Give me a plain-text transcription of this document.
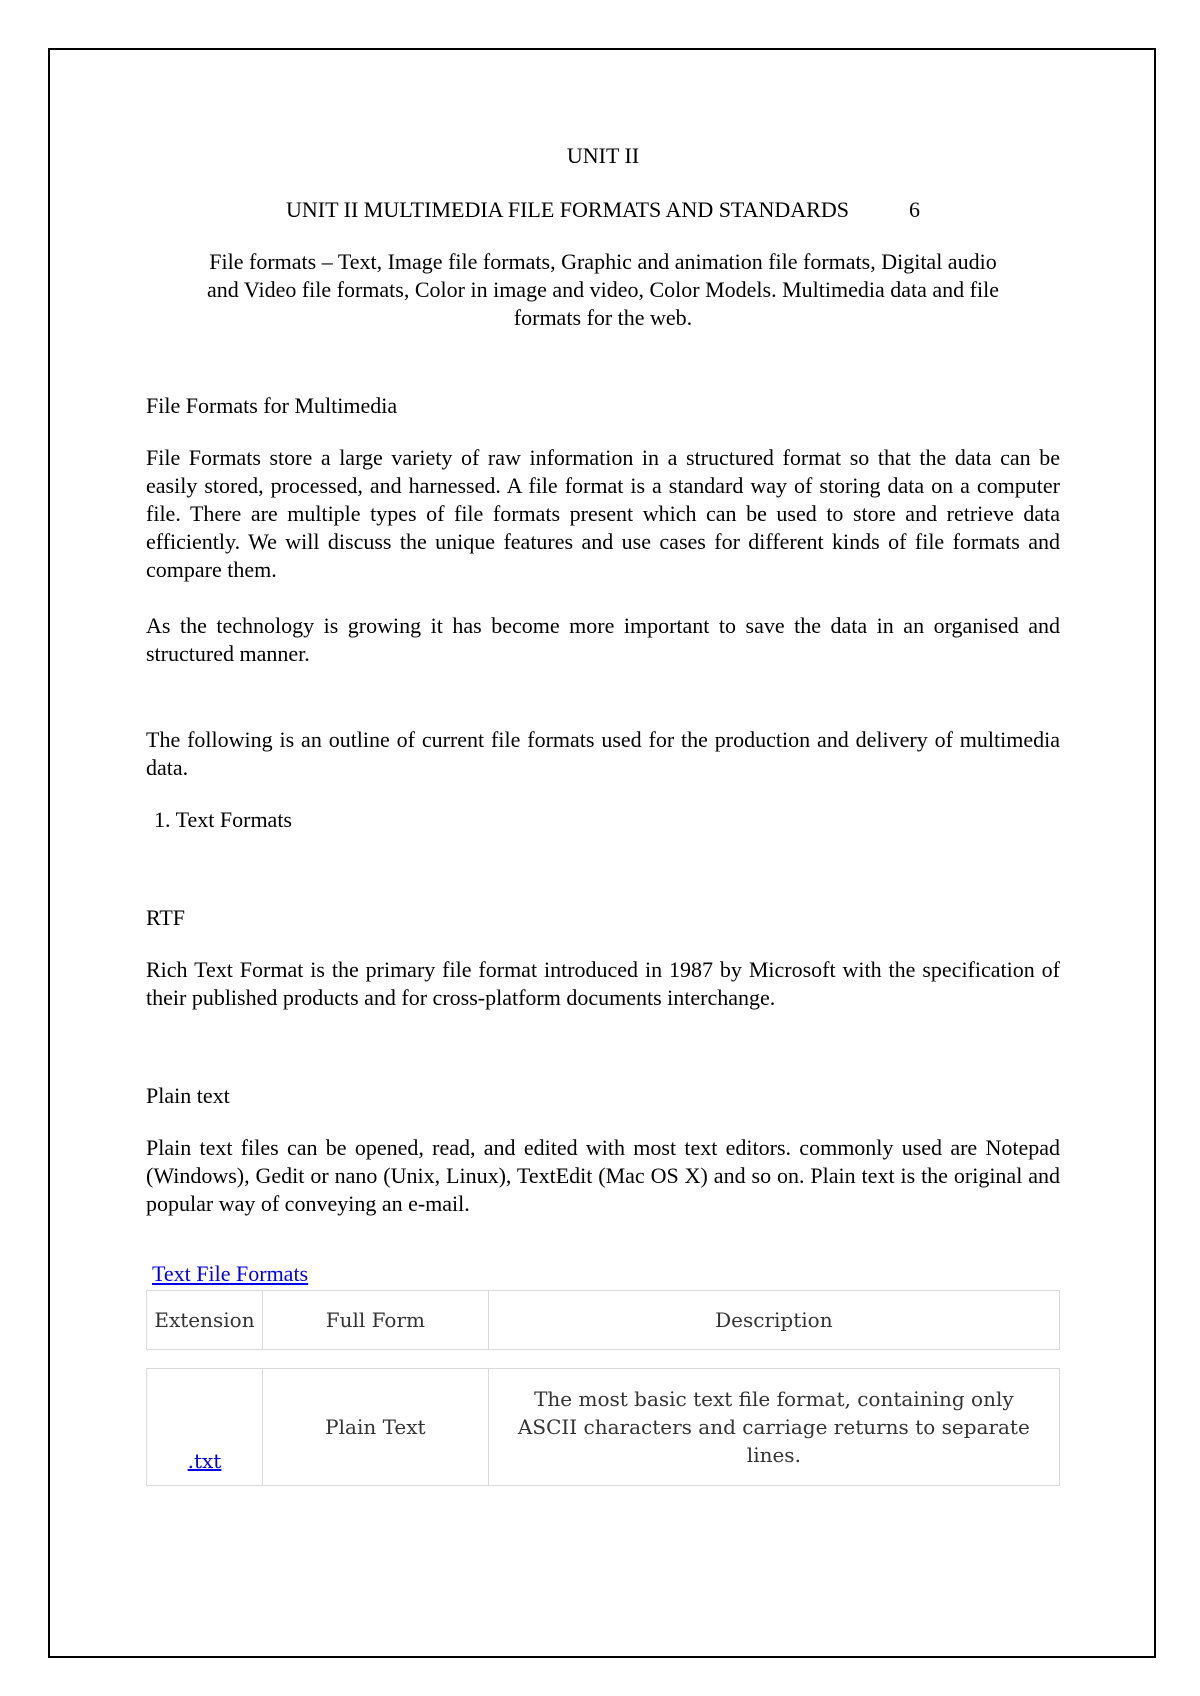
UNIT II

UNIT II MULTIMEDIA FILE FORMATS AND STANDARDS	6

File formats – Text, Image file formats, Graphic and animation file formats, Digital audio

and Video file formats, Color in image and video, Color Models. Multimedia data and file

formats for the web.

File Formats for Multimedia

File Formats store a large variety of raw information in a structured format so that the data can be easily stored, processed, and harnessed. A file format is a standard way of storing data on a computer file. There are multiple types of file formats present which can be used to store and retrieve data efficiently. We will discuss the unique features and use cases for different kinds of file formats and compare them.

As the technology is growing it has become more important to save the data in an organised and structured manner.

The following is an outline of current file formats used for the production and delivery of multimedia data.

1. Text Formats

RTF

Rich Text Format is the primary file format introduced in 1987 by Microsoft with the specification of their published products and for cross-platform documents interchange.

Plain text

Plain text files can be opened, read, and edited with most text editors. commonly used are Notepad (Windows), Gedit or nano (Unix, Linux), TextEdit (Mac OS X) and so on. Plain text is the original and popular way of conveying an e-mail.

Text File Formats

Extension	Full Form	Description

.txt	Plain Text	The most basic text file format, containing only ASCII characters and carriage returns to separate lines.
